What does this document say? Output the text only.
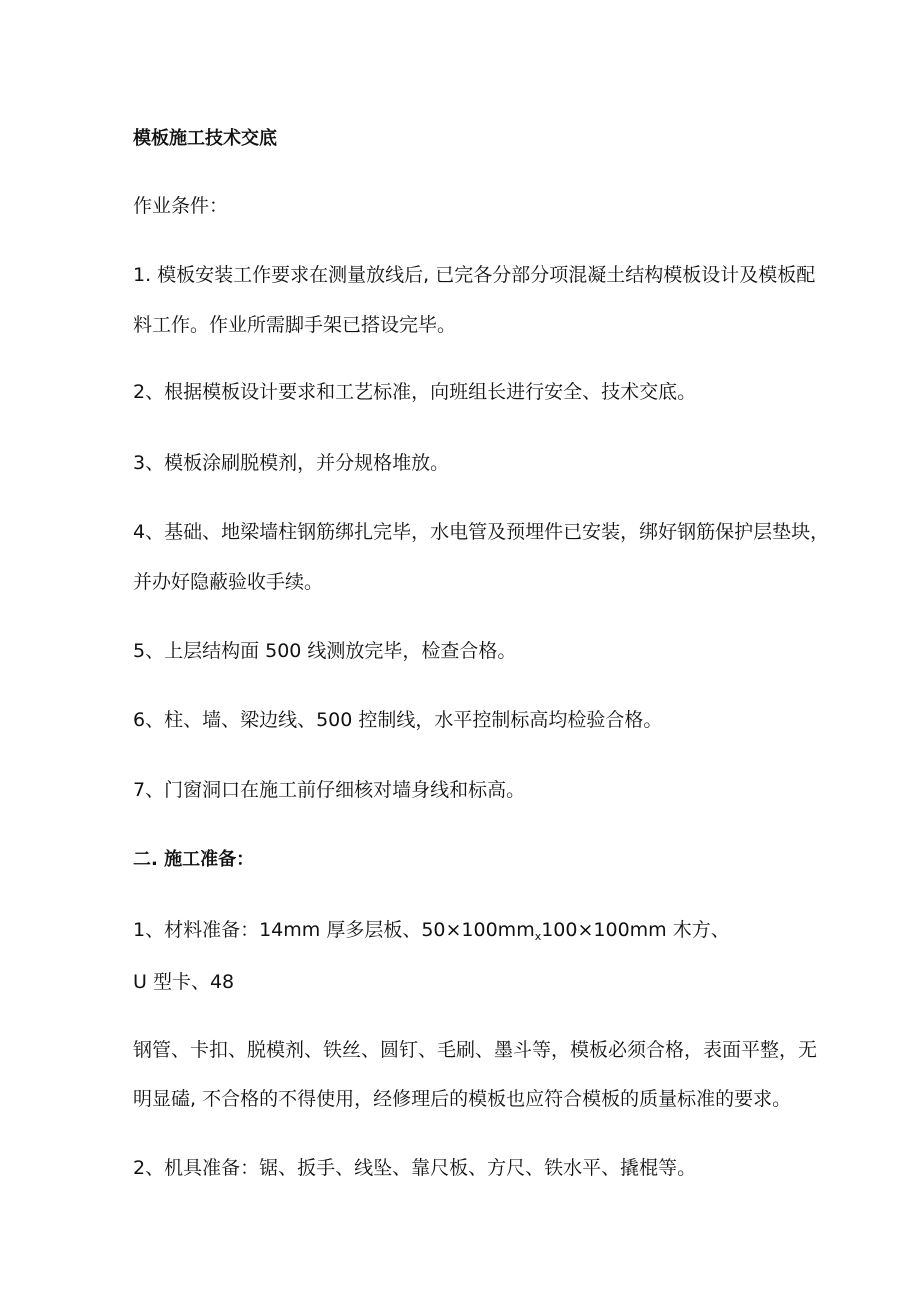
模板施工技术交底
作业条件：
1. 模板安装工作要求在测量放线后, 已完各分部分项混凝土结构模板设计及模板配
料工作。作业所需脚手架已搭设完毕。
2、根据模板设计要求和工艺标准，向班组长进行安全、技术交底。
3、模板涂刷脱模剂，并分规格堆放。
4、基础、地梁墙柱钢筋绑扎完毕，水电管及预埋件已安装，绑好钢筋保护层垫块，
并办好隐蔽验收手续。
5、上层结构面 500 线测放完毕，检查合格。
6、柱、墙、梁边线、500 控制线，水平控制标高均检验合格。
7、门窗洞口在施工前仔细核对墙身线和标高。
二. 施工准备：
1、材料准备：14mm 厚多层板、$50\times 100mm_x100\times 100mm$ 木方、
U 型卡、48
钢管、卡扣、脱模剂、铁丝、圆钉、毛刷、墨斗等，模板必须合格，表面平整，无
明显磕, 不合格的不得使用，经修理后的模板也应符合模板的质量标准的要求。
2、机具准备：锯、扳手、线坠、靠尺板、方尺、铁水平、撬棍等。
